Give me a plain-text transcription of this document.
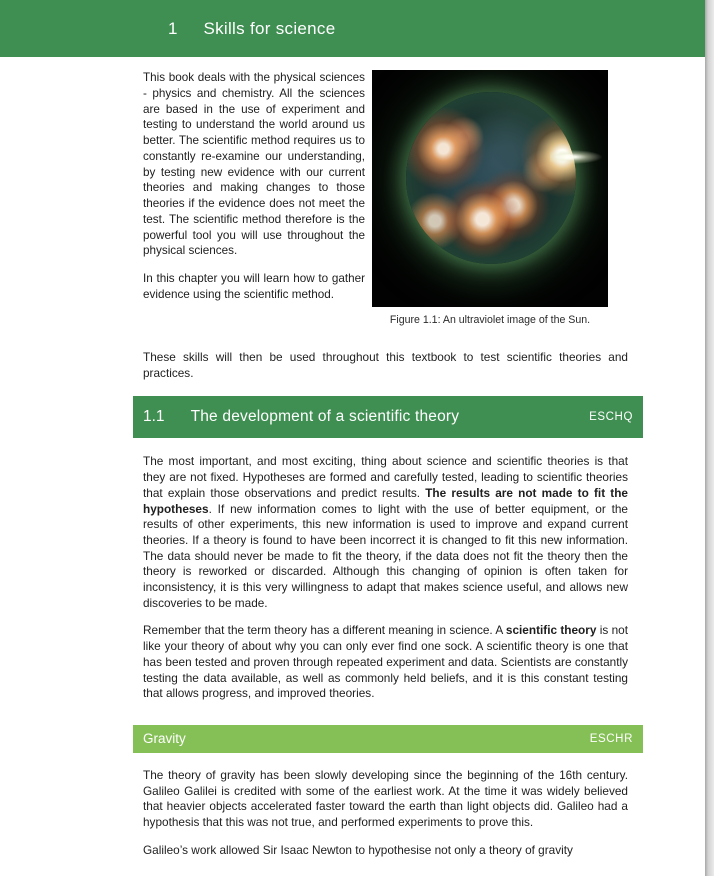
1 Skills for science

This book deals with the physical sciences - physics and chemistry. All the sciences are based in the use of experiment and testing to understand the world around us better. The scientific method requires us to constantly re-examine our understanding, by testing new evidence with our current theories and making changes to those theories if the evidence does not meet the test. The scientific method therefore is the powerful tool you will use throughout the physical sciences.

In this chapter you will learn how to gather evidence using the scientific method.

Figure 1.1: An ultraviolet image of the Sun.

These skills will then be used throughout this textbook to test scientific theories and practices.

1.1 The development of a scientific theory	ESCHQ

The most important, and most exciting, thing about science and scientific theories is that they are not fixed. Hypotheses are formed and carefully tested, leading to scientific theories that explain those observations and predict results. The results are not made to fit the hypotheses. If new information comes to light with the use of better equipment, or the results of other experiments, this new information is used to improve and expand current theories. If a theory is found to have been incorrect it is changed to fit this new information. The data should never be made to fit the theory, if the data does not fit the theory then the theory is reworked or discarded. Although this changing of opinion is often taken for inconsistency, it is this very willingness to adapt that makes science useful, and allows new discoveries to be made.

Remember that the term theory has a different meaning in science. A scientific theory is not like your theory of about why you can only ever find one sock. A scientific theory is one that has been tested and proven through repeated experiment and data. Scientists are constantly testing the data available, as well as commonly held beliefs, and it is this constant testing that allows progress, and improved theories.

Gravity	ESCHR

The theory of gravity has been slowly developing since the beginning of the 16th century. Galileo Galilei is credited with some of the earliest work. At the time it was widely believed that heavier objects accelerated faster toward the earth than light objects did. Galileo had a hypothesis that this was not true, and performed experiments to prove this.

Galileo’s work allowed Sir Isaac Newton to hypothesise not only a theory of gravity
